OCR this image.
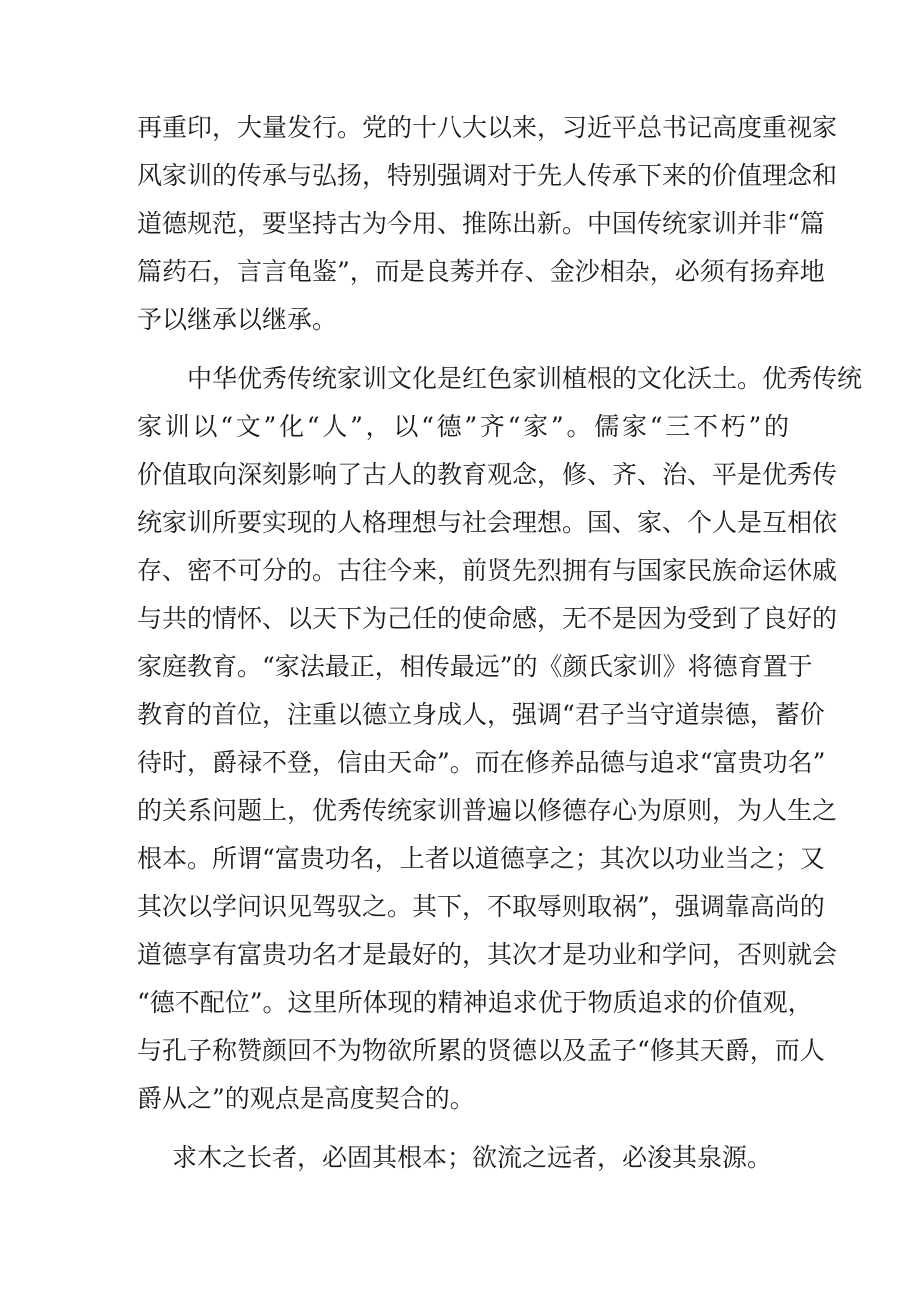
再重印，大量发行。党的十八大以来，习近平总书记高度重视家
风家训的传承与弘扬，特别强调对于先人传承下来的价值理念和
道德规范，要坚持古为今用、推陈出新。中国传统家训并非“篇
篇药石，言言龟鉴”，而是良莠并存、金沙相杂，必须有扬弃地
予以继承以继承。

中华优秀传统家训文化是红色家训植根的文化沃土。优秀传统
家训以“文”化“人”，以“德”齐“家”。儒家“三不朽”的
价值取向深刻影响了古人的教育观念，修、齐、治、平是优秀传
统家训所要实现的人格理想与社会理想。国、家、个人是互相依
存、密不可分的。古往今来，前贤先烈拥有与国家民族命运休戚
与共的情怀、以天下为己任的使命感，无不是因为受到了良好的
家庭教育。“家法最正，相传最远”的《颜氏家训》将德育置于
教育的首位，注重以德立身成人，强调“君子当守道崇德，蓄价
待时，爵禄不登，信由天命”。而在修养品德与追求“富贵功名”
的关系问题上，优秀传统家训普遍以修德存心为原则，为人生之
根本。所谓“富贵功名，上者以道德享之；其次以功业当之；又
其次以学问识见驾驭之。其下，不取辱则取祸”，强调靠高尚的
道德享有富贵功名才是最好的，其次才是功业和学问，否则就会
“德不配位”。这里所体现的精神追求优于物质追求的价值观，
与孔子称赞颜回不为物欲所累的贤德以及孟子“修其天爵，而人
爵从之”的观点是高度契合的。

求木之长者，必固其根本；欲流之远者，必浚其泉源。
